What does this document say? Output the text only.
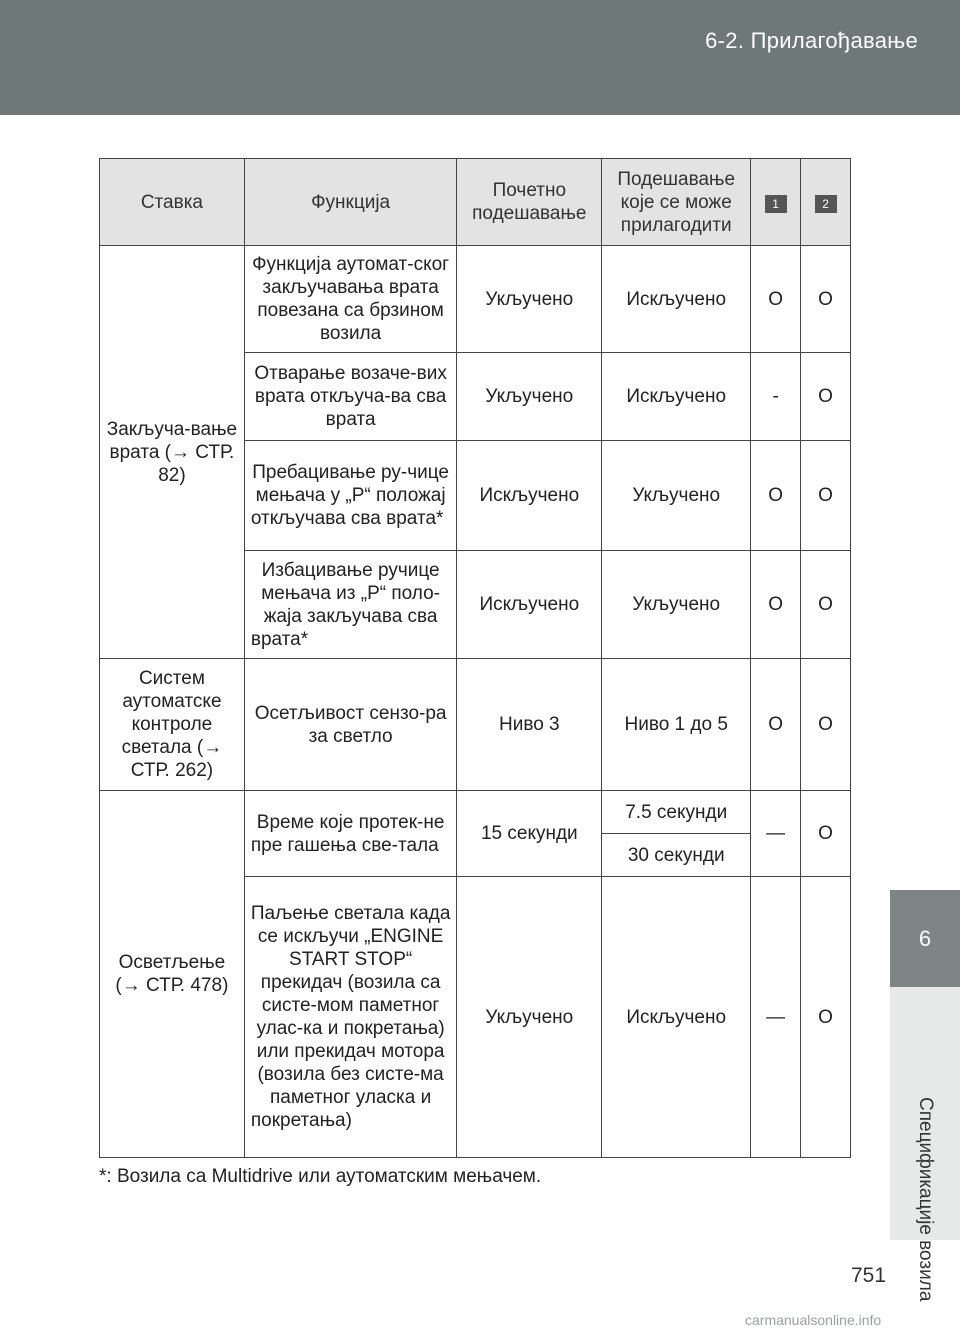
6-2. Прилагођавање
Ставка	Функција	Почетно подешавање	Подешавање које се може прилагодити	1	2
Закључа-вање врата (→ СТР. 82)	Функција аутомат-ског закључавања врата повезана са брзином возила	Укључено	Искључено	O	O
	Отварање возаче-вих врата откључа-ва сва врата	Укључено	Искључено	-	O
	Пребацивање ру-чице мењача у „P“ положај откључава сва врата*	Искључено	Укључено	O	O
	Избацивање ручице мењача из „P“ поло-жаја закључава сва врата*	Искључено	Укључено	O	O
Систем аутоматске контроле светала (→ СТР. 262)	Осетљивост сензо-ра за светло	Ниво 3	Ниво 1 до 5	O	O
Осветљење (→ СТР. 478)	Време које протек-не пре гашења све-тала	15 секунди	7.5 секунди	—	O
			30 секунди		
	Паљење светала када се искључи „ENGINE START STOP“ прекидач (возила са систе-мом паметног улас-ка и покретања) или прекидач мотора (возила без систе-ма паметног уласка и покретања)	Укључено	Искључено	—	O
*: Возила са Multidrive или аутоматским мењачем.
6
Спецификације возила
751
carmanualsonline.info
